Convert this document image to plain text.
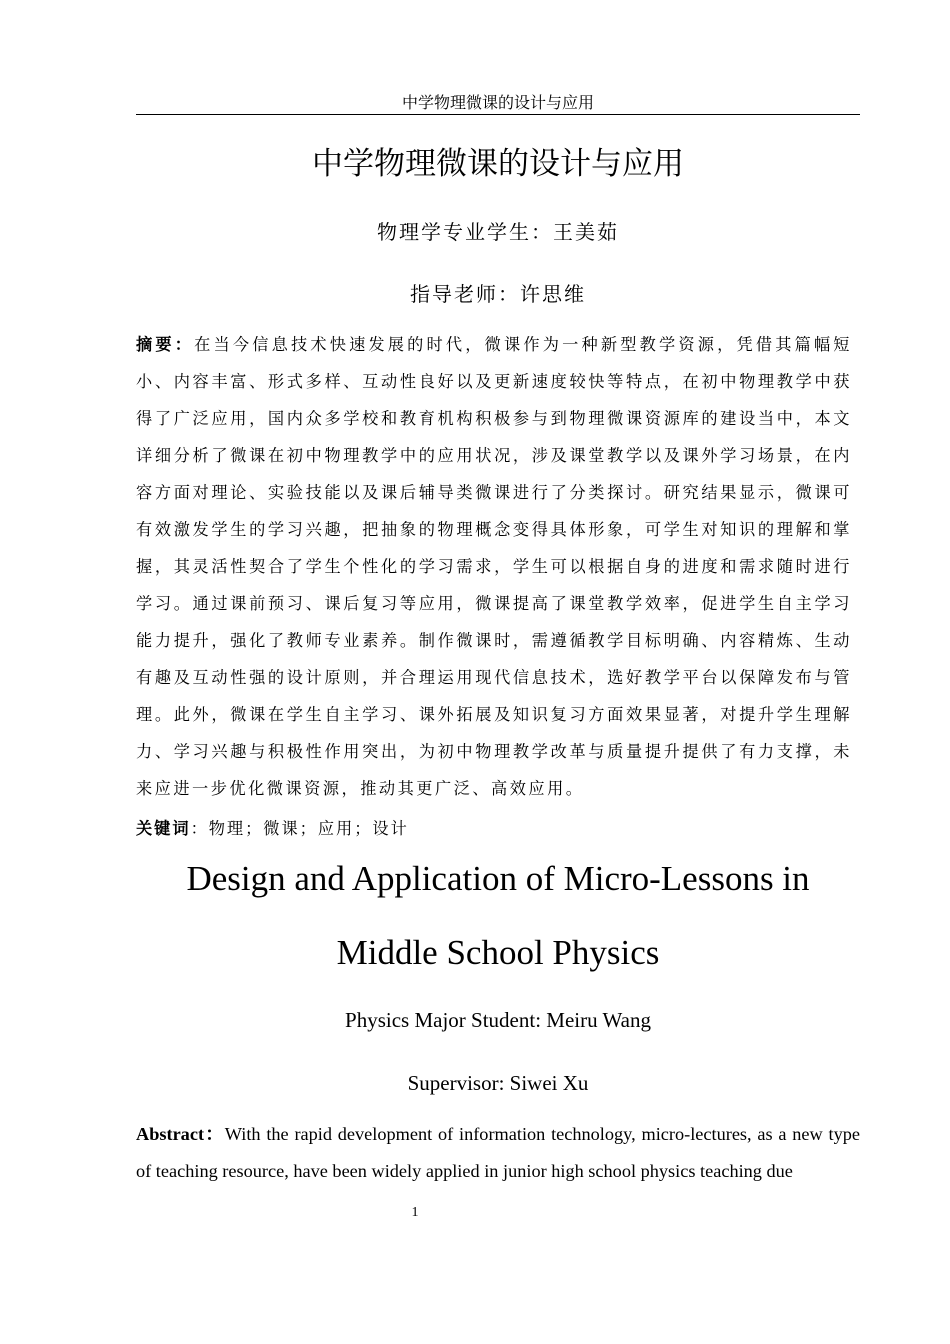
中学物理微课的设计与应用
中学物理微课的设计与应用
物理学专业学生：王美茹
指导老师：许思维

摘要：在当今信息技术快速发展的时代，微课作为一种新型教学资源，凭借其篇幅短小、内容丰富、形式多样、互动性良好以及更新速度较快等特点，在初中物理教学中获得了广泛应用，国内众多学校和教育机构积极参与到物理微课资源库的建设当中，本文详细分析了微课在初中物理教学中的应用状况，涉及课堂教学以及课外学习场景，在内容方面对理论、实验技能以及课后辅导类微课进行了分类探讨。研究结果显示，微课可有效激发学生的学习兴趣，把抽象的物理概念变得具体形象，可学生对知识的理解和掌握，其灵活性契合了学生个性化的学习需求，学生可以根据自身的进度和需求随时进行学习。通过课前预习、课后复习等应用，微课提高了课堂教学效率，促进学生自主学习能力提升，强化了教师专业素养。制作微课时，需遵循教学目标明确、内容精炼、生动有趣及互动性强的设计原则，并合理运用现代信息技术，选好教学平台以保障发布与管理。此外，微课在学生自主学习、课外拓展及知识复习方面效果显著，对提升学生理解力、学习兴趣与积极性作用突出，为初中物理教学改革与质量提升提供了有力支撑，未来应进一步优化微课资源，推动其更广泛、高效应用。

关键词：物理；微课；应用；设计

Design and Application of Micro-Lessons in
Middle School Physics

Physics Major Student: Meiru Wang
Supervisor: Siwei Xu

Abstract：With the rapid development of information technology, micro-lectures, as a new type of teaching resource, have been widely applied in junior high school physics teaching due

1
